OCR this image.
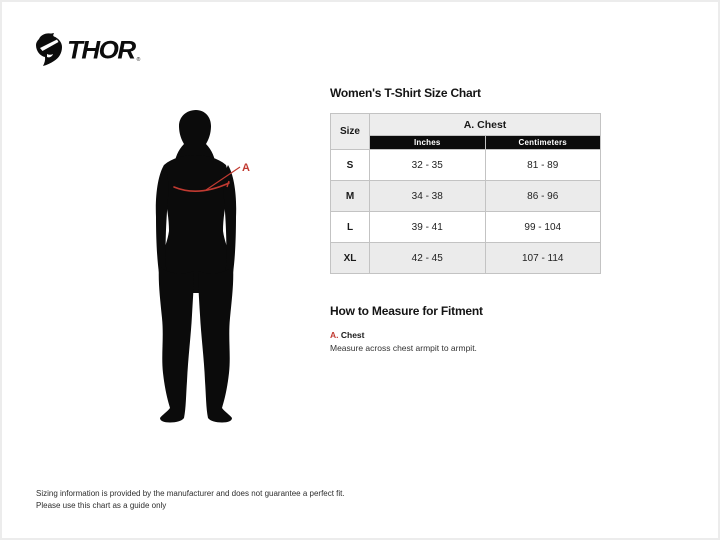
THOR ®
A
Women's T-Shirt Size Chart
Size	A. Chest	
	Inches	Centimeters
S	32 - 35	81 - 89
M	34 - 38	86 - 96
L	39 - 41	99 - 104
XL	42 - 45	107 - 114
How to Measure for Fitment
A. Chest
Measure across chest armpit to armpit.
Sizing information is provided by the manufacturer and does not guarantee a perfect fit.
Please use this chart as a guide only
